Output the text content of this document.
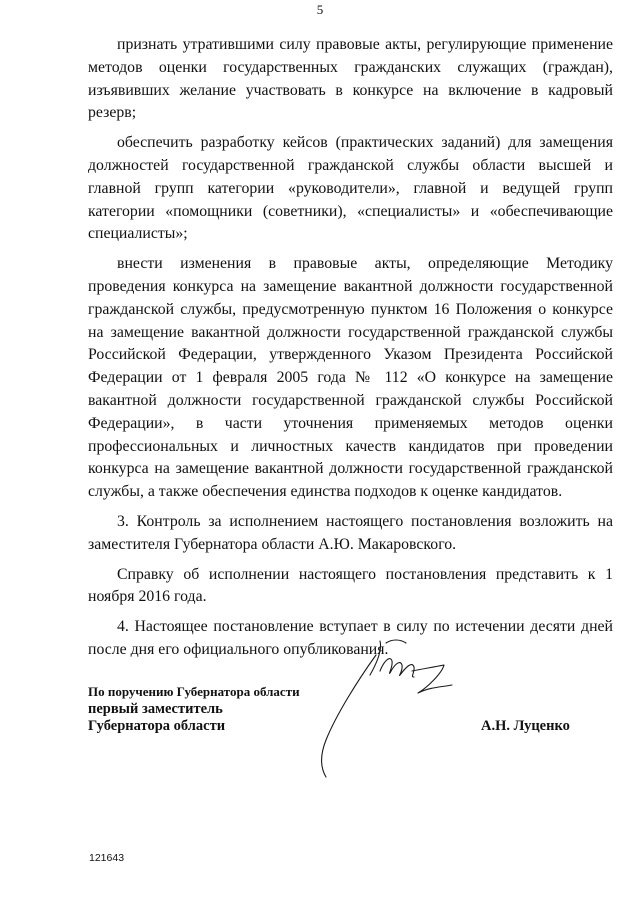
5

признать утратившими силу правовые акты, регулирующие применение методов оценки государственных гражданских служащих (граждан), изъявивших желание участвовать в конкурсе на включение в кадровый резерв;

обеспечить разработку кейсов (практических заданий) для замещения должностей государственной гражданской службы области высшей и главной групп категории «руководители», главной и ведущей групп категории «помощники (советники), «специалисты» и «обеспечивающие специалисты»;

внести изменения в правовые акты, определяющие Методику проведения конкурса на замещение вакантной должности государственной гражданской службы, предусмотренную пунктом 16 Положения о конкурсе на замещение вакантной должности государственной гражданской службы Российской Федерации, утвержденного Указом Президента Российской Федерации от 1 февраля 2005 года № 112 «О конкурсе на замещение вакантной должности государственной гражданской службы Российской Федерации», в части уточнения применяемых методов оценки профессиональных и личностных качеств кандидатов при проведении конкурса на замещение вакантной должности государственной гражданской службы, а также обеспечения единства подходов к оценке кандидатов.

3. Контроль за исполнением настоящего постановления возложить на заместителя Губернатора области А.Ю. Макаровского.

Справку об исполнении настоящего постановления представить к 1 ноября 2016 года.

4. Настоящее постановление вступает в силу по истечении десяти дней после дня его официального опубликования.

По поручению Губернатора области
первый заместитель
Губернатора области	А.Н. Луценко
121643
